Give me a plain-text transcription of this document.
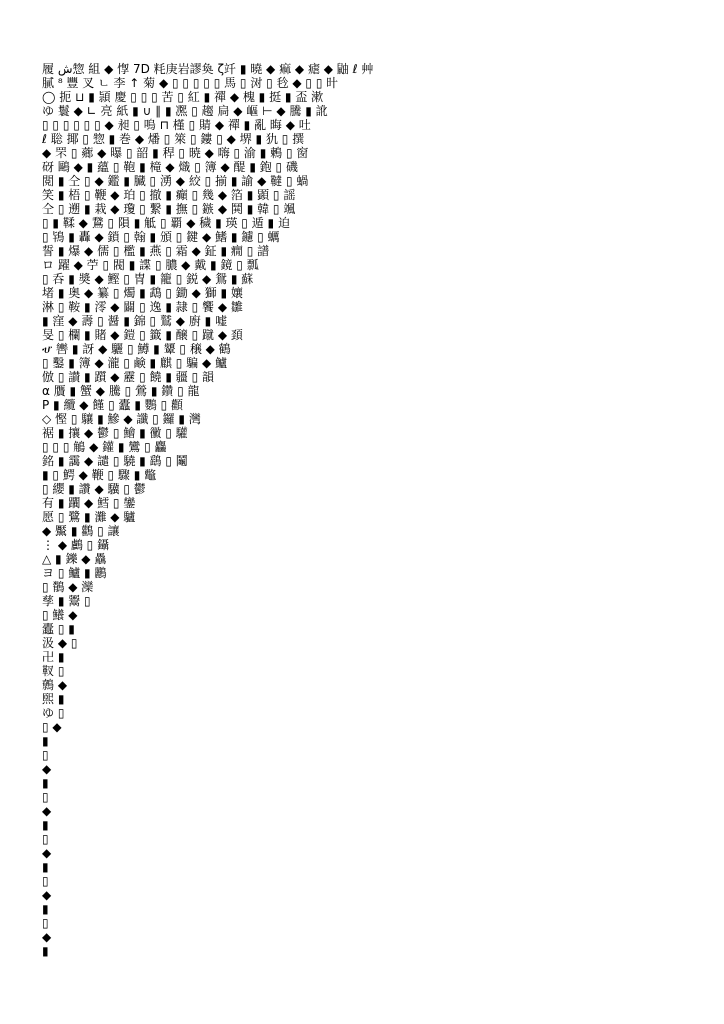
履 ش惣 組 ◆ 惸 7D 粍庚岩謬奐 ζ竏 ▮ 曉 ◆ 痲 ◆ 瘧 ◆ 鼬 ℓ 艸
膩 ⁸ 豐 叉 ㄴ 李 ↑ 菊 ◆ ▯ ▯ ▯ ▯ ▯ 馬 ▯ 㳔 ▯ 㲐 ◆ ▯ ▯ 旪
◯ 扼 ⊔ ▮ 頴 慶 ▯ ▯ ▯ 苦 ▯ 紅 ▮ 禪 ◆ 槐 ▮ 挺 ▮ 盃 漱
ゆ 鬟 ◆ ∟ 亮 紙 ▮ ∪ ∥ ▮ 凞 ▯ 趨 扃 ◆ 嶇 ⊢ ◆ 騰 ▮ 訛
▯ ▯ ▯ ▯ ▯ ▯ ◆ 昶 ▯ 嗚 ⊓ 槿 ▯ 䝼 ◆ 禪 ▮ 亂 晦 ◆ 吐
ℓ 聡 揶 ▯ 惣 ▮ 巻 ◆ 燔 ▯ 箂 ▯ 鏤 ▯ ◆ 堺 ▮ 犰 ▯ 撰
◆ 罘 ▯ 薌 ◆ 曝 ▯ 韶 ▮ 稈 ▯ 暁 ◆ 嗨 ▯ 渝 ▮ 鶫 ▯ 窗
砑 鷗 ◆ ▮ 蘊 ▯ 鞄 ▮ 槞 ◆ 熾 ▯ 簿 ◆ 醍 ▮ 鉋 ▯ 磯
閲 ▮ 仝 ▯ ◆ 鑑 ▮ 臓 ▯ 湧 ◆ 絞 ▯ 揃 ▮ 諭 ◆ 韃 ▯ 蝸
笑 ▮ 梧 ▯ 鞭 ◆ 珀 ▯ 撤 ▮ 癲 ▯ 幾 ◆ 箔 ▮ 顕 ▯ 謡
仝 ▯ 遡 ▮ 栽 ◆ 瓊 ▯ 繋 ▮ 撫 ▯ 鏃 ◆ 鬨 ▮ 韓 ▯ 颯
▯ ▮ 鞣 ◆ 鵞 ▯ 隕 ▮ 觝 ▯ 覇 ◆ 穢 ▮ 瑛 ▯ 遁 ▮ 迫
▯ 鴇 ▮ 轟 ◆ 鎖 ▯ 翰 ▮ 頒 ▯ 鍵 ◆ 鰭 ▮ 鑢 ▯ 蠣
誓 ▮ 爆 ◆ 儒 ▯ 檻 ▮ 燕 ▯ 霜 ◆ 鉦 ▮ 癇 ▯ 譜
ロ 躍 ◆ 苧 ▯ 閥 ▮ 諜 ▯ 膿 ◆ 戴 ▮ 鏡 ▯ 瓢
▯ 呑 ▮ 奬 ◆ 鰹 ▯ 冑 ▮ 籠 ▯ 鋭 ◆ 鴛 ▮ 蘇
堵 ▮ 奥 ◆ 纂 ▯ 燭 ▮ 鵡 ▯ 鋤 ◆ 獅 ▮ 孃
淋 ▯ 鞍 ▮ 澪 ◆ 闢 ▯ 逸 ▮ 隷 ▯ 饗 ◆ 雛
▮ 窪 ◆ 壽 ▯ 醤 ▮ 錦 ▯ 鷲 ◆ 廚 ▮ 嘘
旻 ▯ 欄 ▮ 賭 ◆ 鎧 ▯ 籤 ▮ 醸 ▯ 蹴 ◆ 頚
ሇ 轡 ▮ 訝 ◆ 驪 ▯ 鱒 ▮ 顰 ▯ 穣 ◆ 鶴
▯ 鑿 ▮ 簿 ◆ 瀧 ▯ 鹸 ▮ 麒 ▯ 騙 ◆ 鱸
倣 ▯ 讃 ▮ 躓 ◆ 靂 ▯ 饒 ▮ 疆 ▯ 韻
α 贋 ▮ 蟹 ◆ 騰 ▯ 鶯 ▮ 鑽 ▯ 龍
P ▮ 纜 ◆ 饉 ▯ 蠹 ▮ 鸚 ▯ 顴
◇ 慳 ▯ 驤 ▮ 鰺 ◆ 讖 ▯ 鑼 ▮ 灣
裾 ▮ 攘 ◆ 鬱 ▯ 鱠 ▮ 黴 ▯ 驩
▯ ▯ ▯ 鵤 ◆ 鑵 ▮ 鸞 ▯ 麤
銘 ▮ 靄 ◆ 譴 ▯ 驍 ▮ 鷂 ▯ 鬮
▮ ▯ 鰐 ◆ 鞭 ▯ 驟 ▮ 鼈
▯ 纓 ▮ 讚 ◆ 驥 ▯ 鬱
有 ▮ 躙 ◆ 鱈 ▯ 鑾
愿 ▯ 鷺 ▮ 灘 ◆ 驢
◆ 黶 ▮ 鸛 ▯ 讓
⋮ ◆ 鸕 ▯ 鑷
△ ▮ 鑠 ◆ 驫
ヨ ▯ 鱸 ▮ 鸝
▯ 鶺 ◆ 灤
孳 ▮ 鬻 ▯
▯ 鱶 ◆
蠹 ▯ ▮
汲 ◆ ▯
卍 ▮
靫 ▯
鷯 ◆
煕 ▮
ゆ ▯
▯ ◆
▮
▯
◆
▮
▯
◆
▮
▯
◆
▮
▯
◆
▮
▯
◆
▮
